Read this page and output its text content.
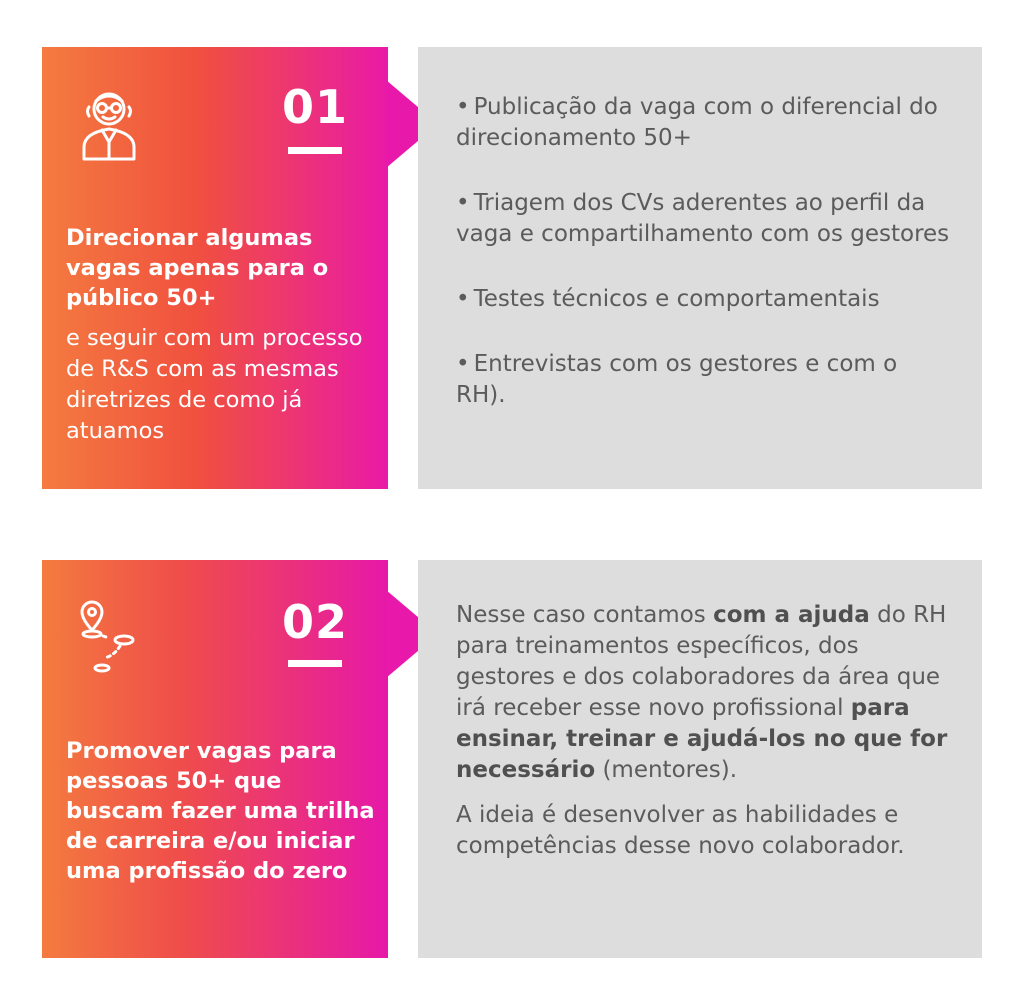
01
Direcionar algumas vagas apenas para o público 50+
e seguir com um processo de R&S com as mesmas diretrizes de como já atuamos
• Publicação da vaga com o diferencial do direcionamento 50+
• Triagem dos CVs aderentes ao perfil da vaga e compartilhamento com os gestores
• Testes técnicos e comportamentais
• Entrevistas com os gestores e com o RH).
02
Promover vagas para pessoas 50+ que buscam fazer uma trilha de carreira e/ou iniciar uma profissão do zero

Nesse caso contamos com a ajuda do RH para treinamentos específicos, dos gestores e dos colaboradores da área que irá receber esse novo profissional para ensinar, treinar e ajudá-los no que for necessário (mentores).

A ideia é desenvolver as habilidades e competências desse novo colaborador.
